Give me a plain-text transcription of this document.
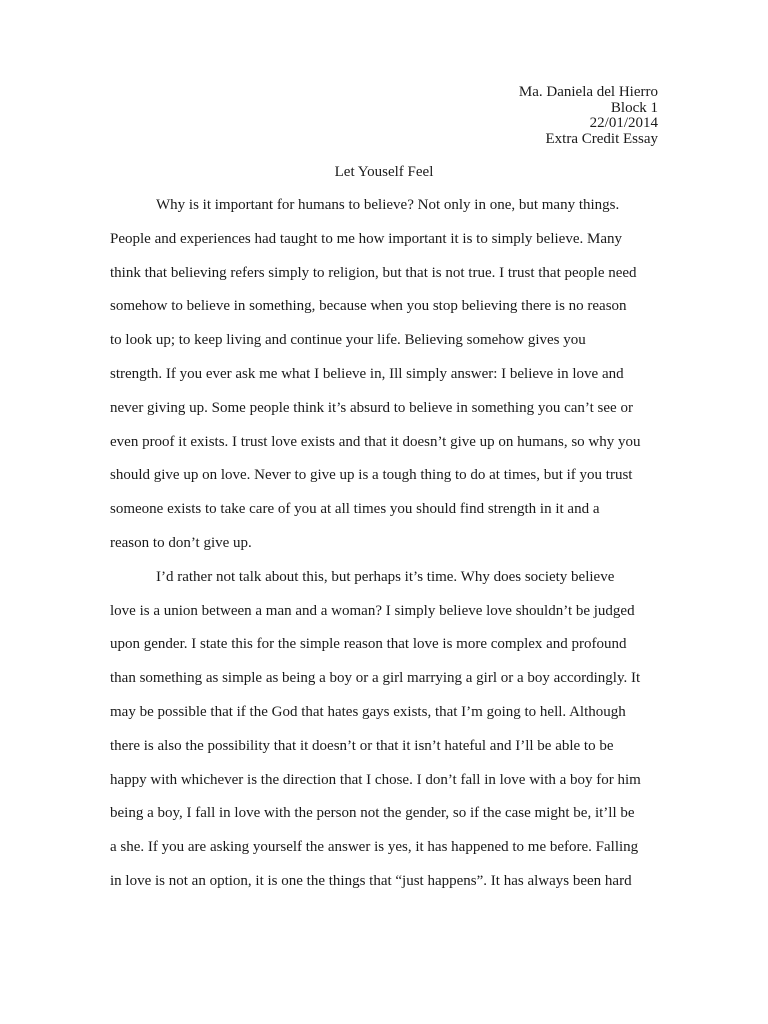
Ma. Daniela del Hierro
Block 1
22/01/2014
Extra Credit Essay
Let Youself Feel
Why is it important for humans to believe? Not only in one, but many things.
People and experiences had taught to me how important it is to simply believe. Many
think that believing refers simply to religion, but that is not true. I trust that people need
somehow to believe in something, because when you stop believing there is no reason
to look up; to keep living and continue your life. Believing somehow gives you
strength. If you ever ask me what I believe in, Ill simply answer: I believe in love and
never giving up. Some people think it’s absurd to believe in something you can’t see or
even proof it exists. I trust love exists and that it doesn’t give up on humans, so why you
should give up on love. Never to give up is a tough thing to do at times, but if you trust
someone exists to take care of you at all times you should find strength in it and a
reason to don’t give up.
I’d rather not talk about this, but perhaps it’s time. Why does society believe
love is a union between a man and a woman? I simply believe love shouldn’t be judged
upon gender. I state this for the simple reason that love is more complex and profound
than something as simple as being a boy or a girl marrying a girl or a boy accordingly. It
may be possible that if the God that hates gays exists, that I’m going to hell. Although
there is also the possibility that it doesn’t or that it isn’t hateful and I’ll be able to be
happy with whichever is the direction that I chose. I don’t fall in love with a boy for him
being a boy, I fall in love with the person not the gender, so if the case might be, it’ll be
a she. If you are asking yourself the answer is yes, it has happened to me before. Falling
in love is not an option, it is one the things that “just happens”. It has always been hard
